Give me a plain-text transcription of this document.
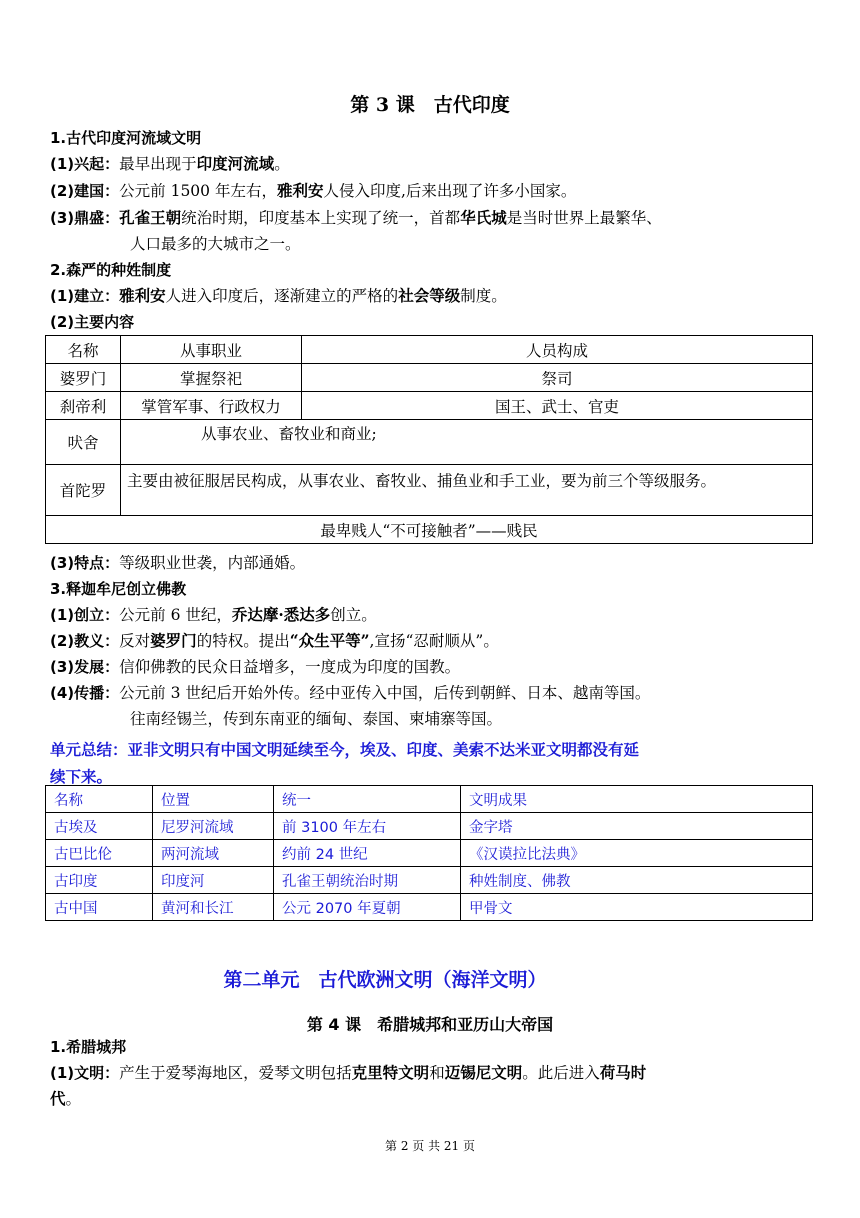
第 3 课　古代印度
1.古代印度河流域文明
(1)兴起：最早出现于印度河流域。
(2)建国：公元前 1500 年左右，雅利安人侵入印度,后来出现了许多小国家。
(3)鼎盛：孔雀王朝统治时期，印度基本上实现了统一，首都华氏城是当时世界上最繁华、
人口最多的大城市之一。
2.森严的种姓制度
(1)建立：雅利安人进入印度后，逐渐建立的严格的社会等级制度。
(2)主要内容
名称	从事职业	人员构成
婆罗门	掌握祭祀	祭司
刹帝利	掌管军事、行政权力	国王、武士、官吏
吠舍	从事农业、畜牧业和商业;	
首陀罗	主要由被征服居民构成，从事农业、畜牧业、捕鱼业和手工业，要为前三个等级服务。	
最卑贱人“不可接触者”——贱民		
(3)特点：等级职业世袭，内部通婚。
3.释迦牟尼创立佛教
(1)创立：公元前 6 世纪，乔达摩·悉达多创立。
(2)教义：反对婆罗门的特权。提出“众生平等”,宣扬“忍耐顺从”。
(3)发展：信仰佛教的民众日益增多，一度成为印度的国教。
(4)传播：公元前 3 世纪后开始外传。经中亚传入中国，后传到朝鲜、日本、越南等国。
往南经锡兰，传到东南亚的缅甸、泰国、柬埔寨等国。
单元总结：亚非文明只有中国文明延续至今，埃及、印度、美索不达米亚文明都没有延
续下来。
名称	位置	统一	文明成果
古埃及	尼罗河流域	前 3100 年左右	金字塔
古巴比伦	两河流域	约前 24 世纪	《汉谟拉比法典》
古印度	印度河	孔雀王朝统治时期	种姓制度、佛教
古中国	黄河和长江	公元 2070 年夏朝	甲骨文
第二单元　古代欧洲文明（海洋文明）
第 4 课　希腊城邦和亚历山大帝国
1.希腊城邦
(1)文明：产生于爱琴海地区，爱琴文明包括克里特文明和迈锡尼文明。此后进入荷马时
代。
第 2 页 共 21 页
